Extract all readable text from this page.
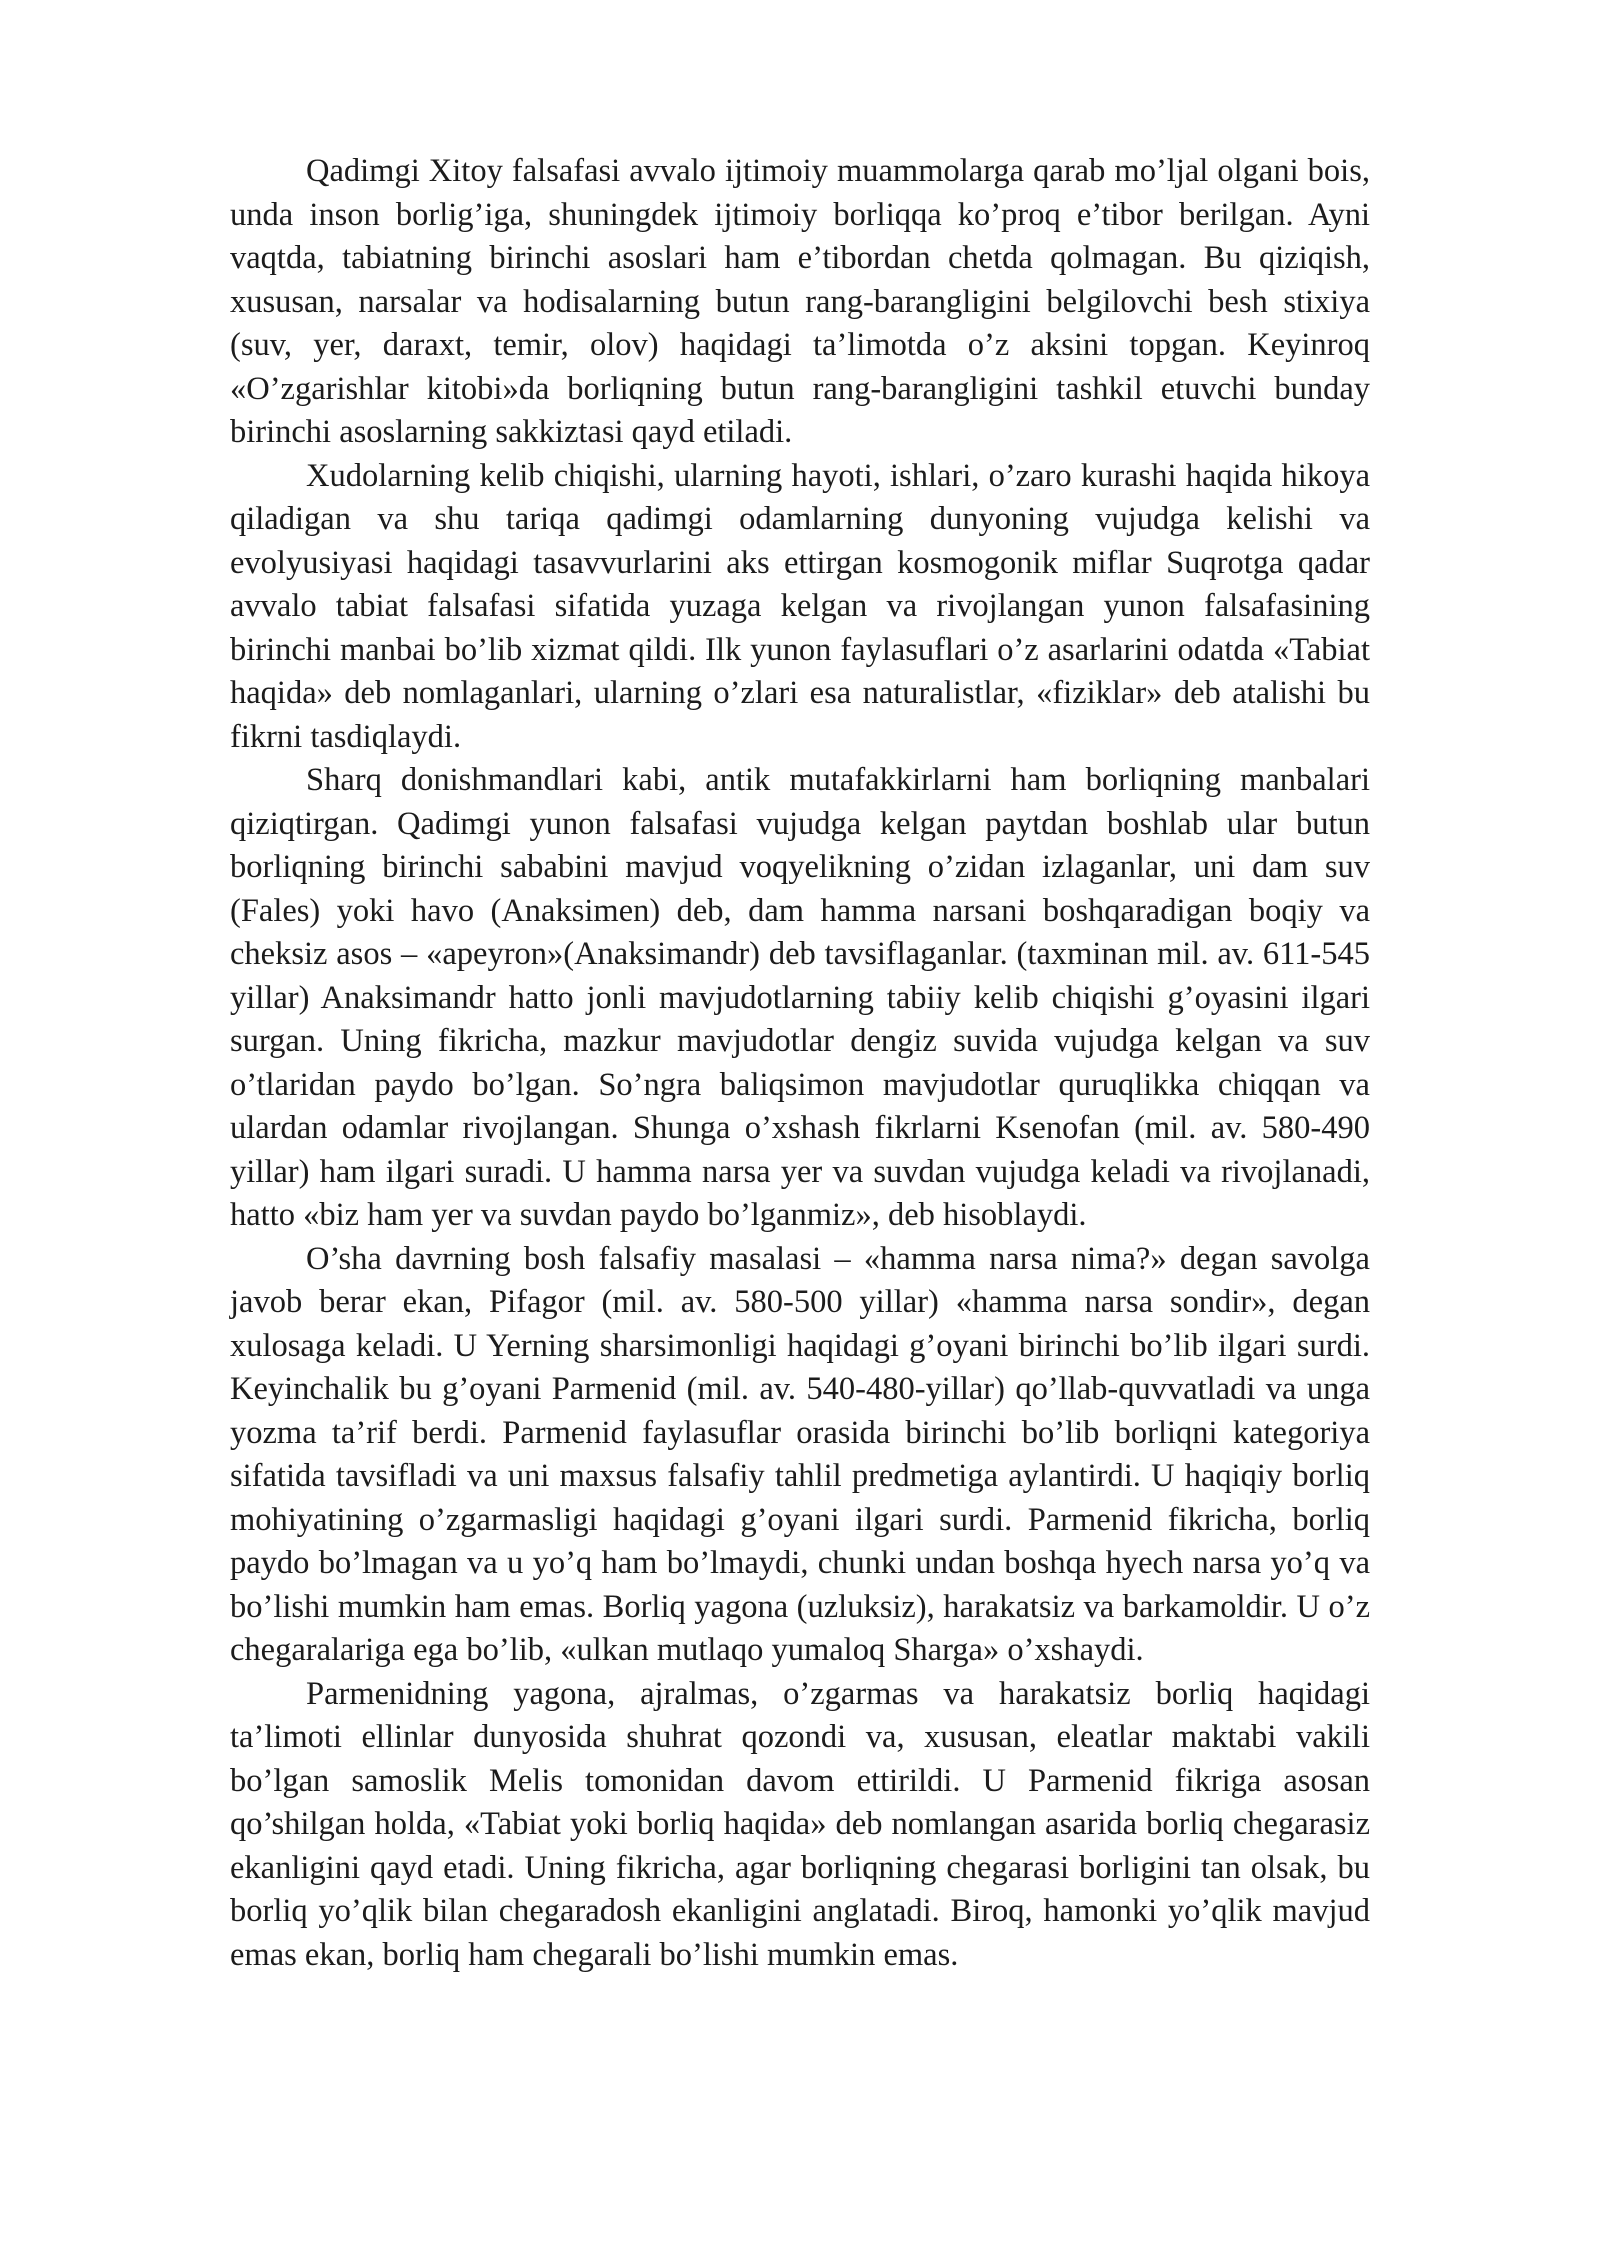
Qadimgi Xitoy falsafasi avvalo ijtimoiy muammolarga qarab mo’ljal olgani bois, unda inson borlig’iga, shuningdek ijtimoiy borliqqa ko’proq e’tibor berilgan. Ayni vaqtda, tabiatning birinchi asoslari ham e’tibordan chetda qolmagan. Bu qiziqish, xususan, narsalar va hodisalarning butun rang-barangligini belgilovchi besh stixiya (suv, yer, daraxt, temir, olov) haqidagi ta’limotda o’z aksini topgan. Keyinroq «O’zgarishlar kitobi»da borliqning butun rang-barangligini tashkil etuvchi bunday birinchi asoslarning sakkiztasi qayd etiladi.

Xudolarning kelib chiqishi, ularning hayoti, ishlari, o’zaro kurashi haqida hikoya qiladigan va shu tariqa qadimgi odamlarning dunyoning vujudga kelishi va evolyusiyasi haqidagi tasavvurlarini aks ettirgan kosmogonik miflar Suqrotga qadar avvalo tabiat falsafasi sifatida yuzaga kelgan va rivojlangan yunon falsafasining birinchi manbai bo’lib xizmat qildi. Ilk yunon faylasuflari o’z asarlarini odatda «Tabiat haqida» deb nomlaganlari, ularning o’zlari esa naturalistlar, «fiziklar» deb atalishi bu fikrni tasdiqlaydi.

Sharq donishmandlari kabi, antik mutafakkirlarni ham borliqning manbalari qiziqtirgan. Qadimgi yunon falsafasi vujudga kelgan paytdan boshlab ular butun borliqning birinchi sababini mavjud voqyelikning o’zidan izlaganlar, uni dam suv (Fales) yoki havo (Anaksimen) deb, dam hamma narsani boshqaradigan boqiy va cheksiz asos – «apeyron»(Anaksimandr) deb tavsiflaganlar. (taxminan mil. av. 611-545 yillar) Anaksimandr hatto jonli mavjudotlarning tabiiy kelib chiqishi g’oyasini ilgari surgan. Uning fikricha, mazkur mavjudotlar dengiz suvida vujudga kelgan va suv o’tlaridan paydo bo’lgan. So’ngra baliqsimon mavjudotlar quruqlikka chiqqan va ulardan odamlar rivojlangan. Shunga o’xshash fikrlarni Ksenofan (mil. av. 580-490 yillar) ham ilgari suradi. U hamma narsa yer va suvdan vujudga keladi va rivojlanadi, hatto «biz ham yer va suvdan paydo bo’lganmiz», deb hisoblaydi.

O’sha davrning bosh falsafiy masalasi – «hamma narsa nima?» degan savolga javob berar ekan, Pifagor (mil. av. 580-500 yillar) «hamma narsa sondir», degan xulosaga keladi. U Yerning sharsimonligi haqidagi g’oyani birinchi bo’lib ilgari surdi. Keyinchalik bu g’oyani Parmenid (mil. av. 540-480-yillar) qo’llab-quvvatladi va unga yozma ta’rif berdi. Parmenid faylasuflar orasida birinchi bo’lib borliqni kategoriya sifatida tavsifladi va uni maxsus falsafiy tahlil predmetiga aylantirdi. U haqiqiy borliq mohiyatining o’zgarmasligi haqidagi g’oyani ilgari surdi. Parmenid fikricha, borliq paydo bo’lmagan va u yo’q ham bo’lmaydi, chunki undan boshqa hyech narsa yo’q va bo’lishi mumkin ham emas. Borliq yagona (uzluksiz), harakatsiz va barkamoldir. U o’z chegaralariga ega bo’lib, «ulkan mutlaqo yumaloq Sharga» o’xshaydi.

Parmenidning yagona, ajralmas, o’zgarmas va harakatsiz borliq haqidagi ta’limoti ellinlar dunyosida shuhrat qozondi va, xususan, eleatlar maktabi vakili bo’lgan samoslik Melis tomonidan davom ettirildi. U Parmenid fikriga asosan qo’shilgan holda, «Tabiat yoki borliq haqida» deb nomlangan asarida borliq chegarasiz ekanligini qayd etadi. Uning fikricha, agar borliqning chegarasi borligini tan olsak, bu borliq yo’qlik bilan chegaradosh ekanligini anglatadi. Biroq, hamonki yo’qlik mavjud emas ekan, borliq ham chegarali bo’lishi mumkin emas.
